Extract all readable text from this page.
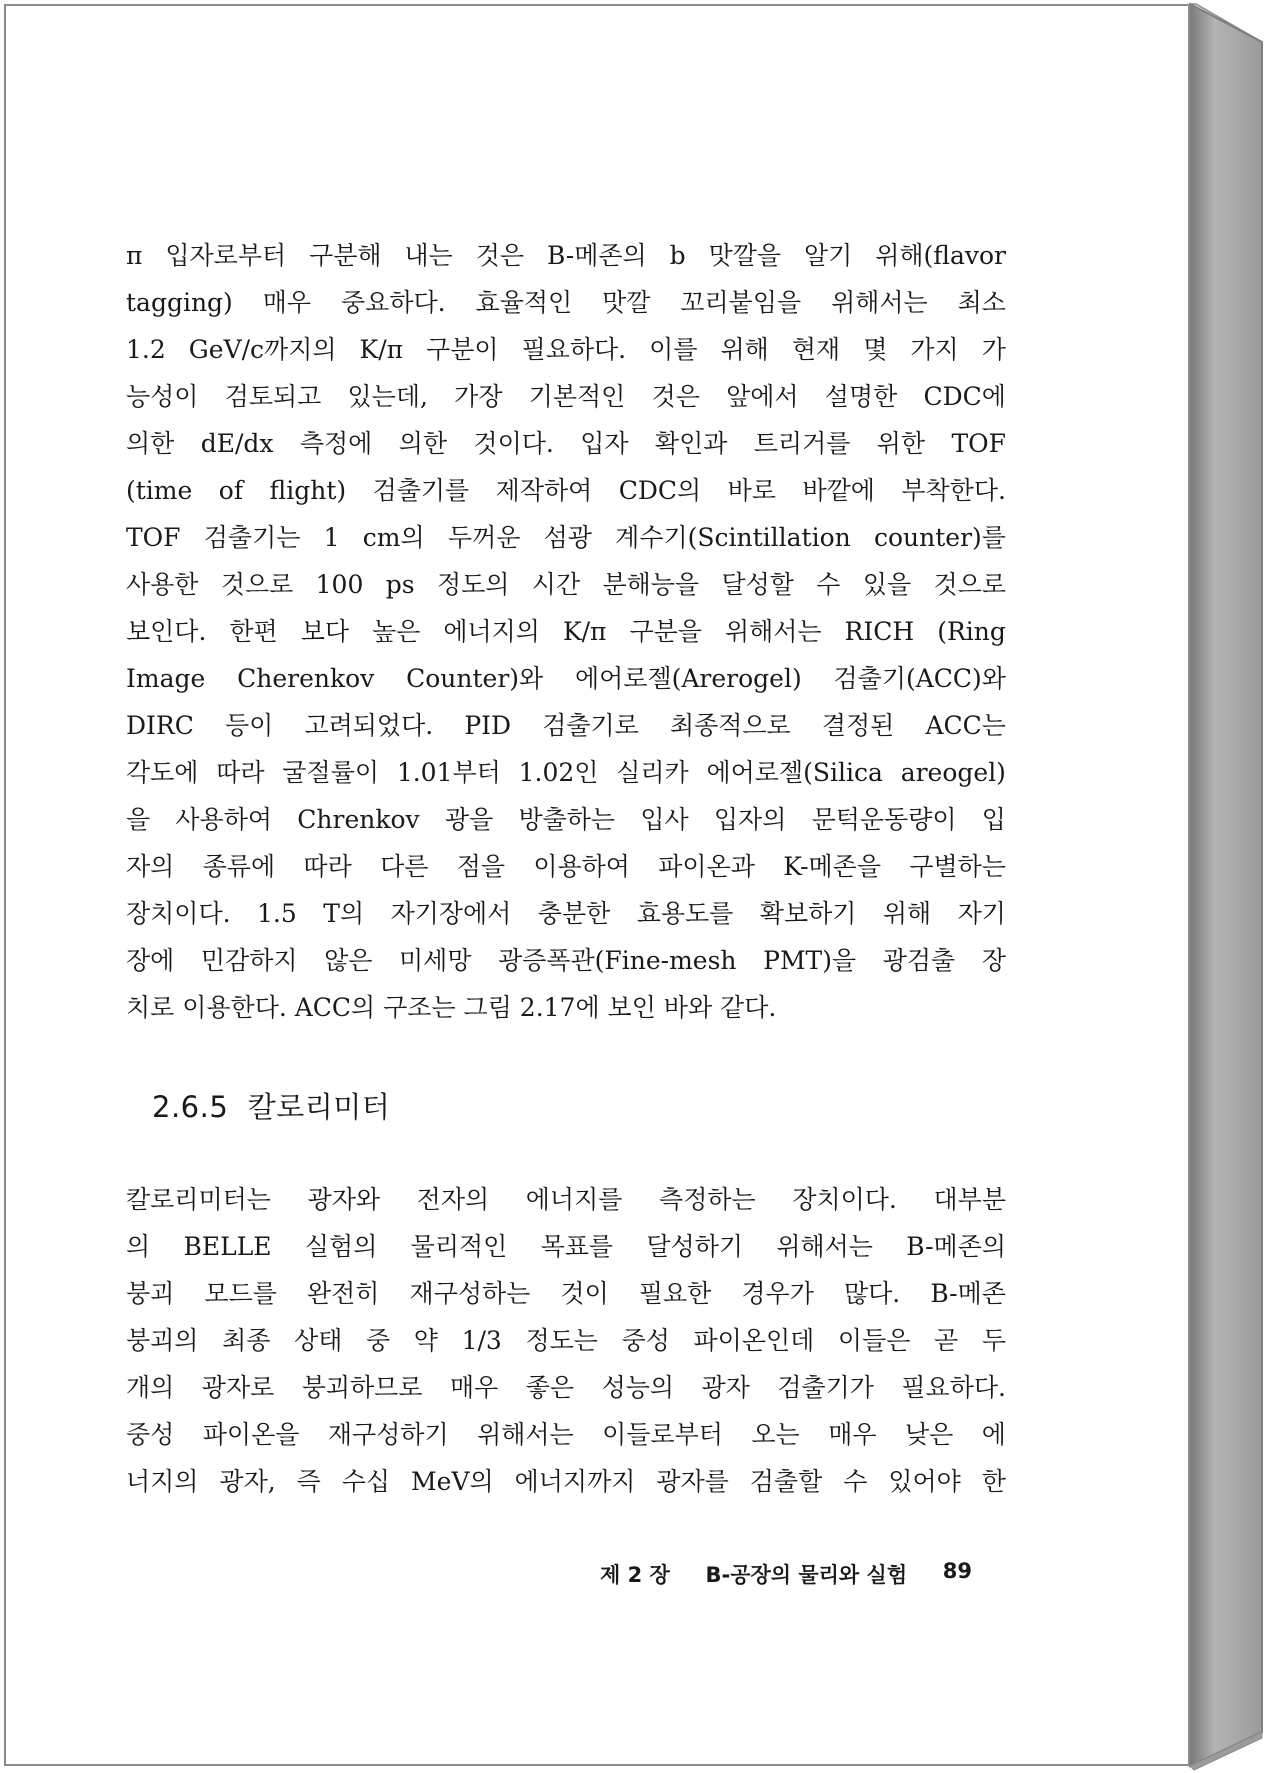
π 입자로부터 구분해 내는 것은 B-메존의 b 맛깔을 알기 위해(flavor
tagging) 매우 중요하다. 효율적인 맛깔 꼬리붙임을 위해서는 최소
1.2 GeV/c까지의 K/π 구분이 필요하다. 이를 위해 현재 몇 가지 가
능성이 검토되고 있는데, 가장 기본적인 것은 앞에서 설명한 CDC에
의한 dE/dx 측정에 의한 것이다. 입자 확인과 트리거를 위한 TOF
(time of flight) 검출기를 제작하여 CDC의 바로 바깥에 부착한다.
TOF 검출기는 1 cm의 두꺼운 섬광 계수기(Scintillation counter)를
사용한 것으로 100 ps 정도의 시간 분해능을 달성할 수 있을 것으로
보인다. 한편 보다 높은 에너지의 K/π 구분을 위해서는 RICH (Ring
Image Cherenkov Counter)와 에어로젤(Arerogel) 검출기(ACC)와
DIRC 등이 고려되었다. PID 검출기로 최종적으로 결정된 ACC는
각도에 따라 굴절률이 1.01부터 1.02인 실리카 에어로젤(Silica areogel)
을 사용하여 Chrenkov 광을 방출하는 입사 입자의 문턱운동량이 입
자의 종류에 따라 다른 점을 이용하여 파이온과 K-메존을 구별하는
장치이다. 1.5 T의 자기장에서 충분한 효용도를 확보하기 위해 자기
장에 민감하지 않은 미세망 광증폭관(Fine-mesh PMT)을 광검출 장
치로 이용한다. ACC의 구조는 그림 2.17에 보인 바와 같다.
2.6.5 칼로리미터
칼로리미터는 광자와 전자의 에너지를 측정하는 장치이다. 대부분
의 BELLE 실험의 물리적인 목표를 달성하기 위해서는 B-메존의
붕괴 모드를 완전히 재구성하는 것이 필요한 경우가 많다. B-메존
붕괴의 최종 상태 중 약 1/3 정도는 중성 파이온인데 이들은 곧 두
개의 광자로 붕괴하므로 매우 좋은 성능의 광자 검출기가 필요하다.
중성 파이온을 재구성하기 위해서는 이들로부터 오는 매우 낮은 에
너지의 광자, 즉 수십 MeV의 에너지까지 광자를 검출할 수 있어야 한
제 2 장 B-공장의 물리와 실험 89
